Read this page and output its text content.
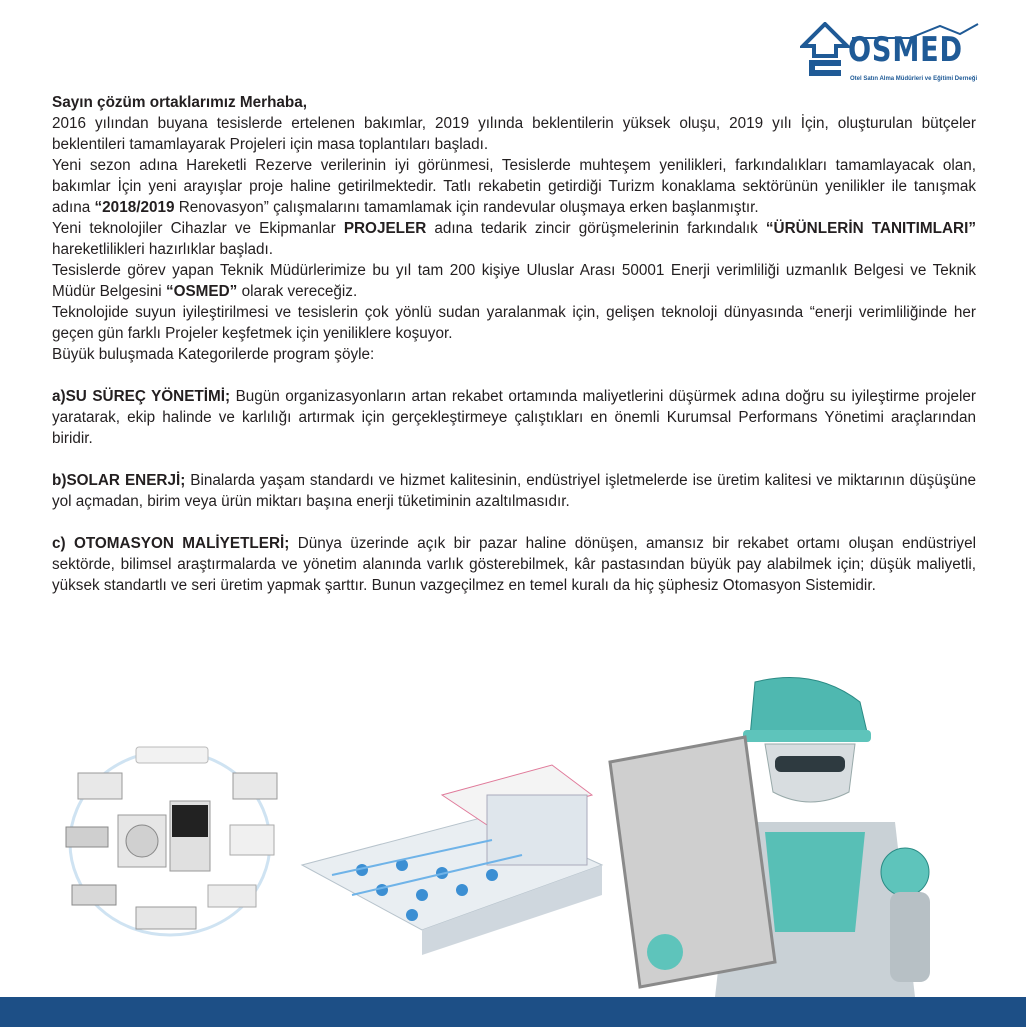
OSMED
Otel Satın Alma Müdürleri ve Eğitimi Derneği

Sayın çözüm ortaklarımız Merhaba,

2016 yılından buyana tesislerde ertelenen bakımlar, 2019 yılında beklentilerin yüksek oluşu, 2019 yılı İçin, oluşturulan bütçeler beklentileri tamamlayarak Projeleri için masa toplantıları başladı.

Yeni sezon adına Hareketli Rezerve verilerinin iyi görünmesi, Tesislerde muhteşem yenilikleri, farkındalıkları tamamlayacak olan, bakımlar İçin yeni arayışlar proje haline getirilmektedir. Tatlı rekabetin getirdiği Turizm konaklama sektörünün yenilikler ile tanışmak adına “2018/2019 Renovasyon” çalışmalarını tamamlamak için randevular oluşmaya erken başlanmıştır.

Yeni teknolojiler Cihazlar ve Ekipmanlar PROJELER adına tedarik zincir görüşmelerinin farkındalık “ÜRÜNLERİN TANITIMLARI” hareketlilikleri hazırlıklar başladı.

Tesislerde görev yapan Teknik Müdürlerimize bu yıl tam 200 kişiye Uluslar Arası 50001 Enerji verimliliği uzmanlık Belgesi ve Teknik Müdür Belgesini “OSMED” olarak vereceğiz.

Teknolojide suyun iyileştirilmesi ve tesislerin çok yönlü sudan yaralanmak için, gelişen teknoloji dünyasında “enerji verimliliğinde her geçen gün farklı Projeler keşfetmek için yeniliklere koşuyor.

Büyük buluşmada Kategorilerde program şöyle:

a)SU SÜREÇ YÖNETİMİ; Bugün organizasyonların artan rekabet ortamında maliyetlerini düşürmek adına doğru su iyileştirme projeler yaratarak, ekip halinde ve karlılığı artırmak için gerçekleştirmeye çalıştıkları en önemli Kurumsal Performans Yönetimi araçlarından biridir.

b)SOLAR ENERJİ; Binalarda yaşam standardı ve hizmet kalitesinin, endüstriyel işletmelerde ise üretim kalitesi ve miktarının düşüşüne yol açmadan, birim veya ürün miktarı başına enerji tüketiminin azaltılmasıdır.

c) OTOMASYON MALİYETLERİ; Dünya üzerinde açık bir pazar haline dönüşen, amansız bir rekabet ortamı oluşan endüstriyel sektörde, bilimsel araştırmalarda ve yönetim alanında varlık gösterebilmek, kâr pastasından büyük pay alabilmek için; düşük maliyetli, yüksek standartlı ve seri üretim yapmak şarttır. Bunun vazgeçilmez en temel kuralı da hiç şüphesiz Otomasyon Sistemidir.
